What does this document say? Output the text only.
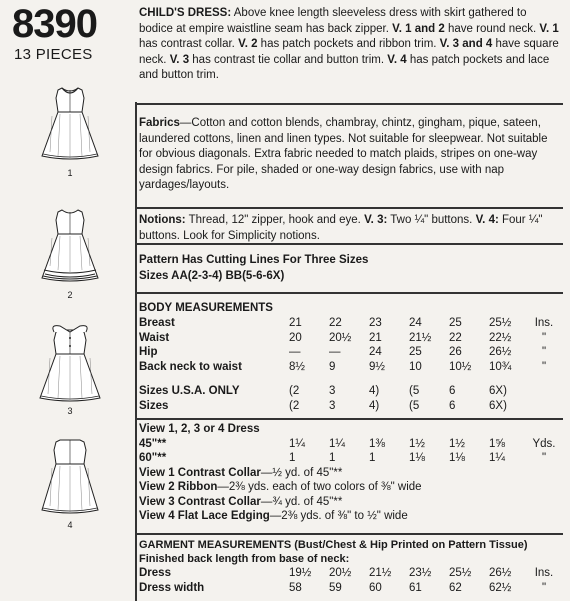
8390
13 PIECES
1
2
3
4
CHILD'S DRESS: Above knee length sleeveless dress with skirt gathered to bodice at empire waistline seam has back zipper. V. 1 and 2 have round neck. V. 1 has contrast collar. V. 2 has patch pockets and ribbon trim. V. 3 and 4 have square neck. V. 3 has contrast tie collar and button trim. V. 4 has patch pockets and lace and button trim.
Fabrics—Cotton and cotton blends, chambray, chintz, gingham, pique, sateen, laundered cottons, linen and linen types. Not suitable for sleepwear. Not suitable for obvious diagonals. Extra fabric needed to match plaids, stripes on one-way design fabrics. For pile, shaded or one-way design fabrics, use with nap yardages/layouts.
Notions: Thread, 12" zipper, hook and eye. V. 3: Two ¼" buttons. V. 4: Four ¼" buttons. Look for Simplicity notions.
Pattern Has Cutting Lines For Three Sizes
Sizes AA(2-3-4) BB(5-6-6X)
BODY MEASUREMENTS
Breast	21	22	23	24	25	25½	Ins.
Waist	20	20½	21	21½	22	22½	"
Hip	—	—	24	25	26	26½	"
Back neck to waist	8½	9	9½	10	10½	10¾	"
Sizes U.S.A. ONLY	(2	3	4)	(5	6	6X)	
Sizes	(2	3	4)	(5	6	6X)	
View 1, 2, 3 or 4 Dress
45"**	1¼	1¼	1⅜	1½	1½	1⅝	Yds.
60"**	1	1	1	1⅛	1⅛	1¼	"
View 1 Contrast Collar—½ yd. of 45"**
View 2 Ribbon—2⅜ yds. each of two colors of ⅜" wide
View 3 Contrast Collar—¾ yd. of 45"**
View 4 Flat Lace Edging—2⅜ yds. of ⅜" to ½" wide
GARMENT MEASUREMENTS (Bust/Chest & Hip Printed on Pattern Tissue)
Finished back length from base of neck:
Dress	19½	20½	21½	23½	25½	26½	Ins.
Dress width	58	59	60	61	62	62½	"
